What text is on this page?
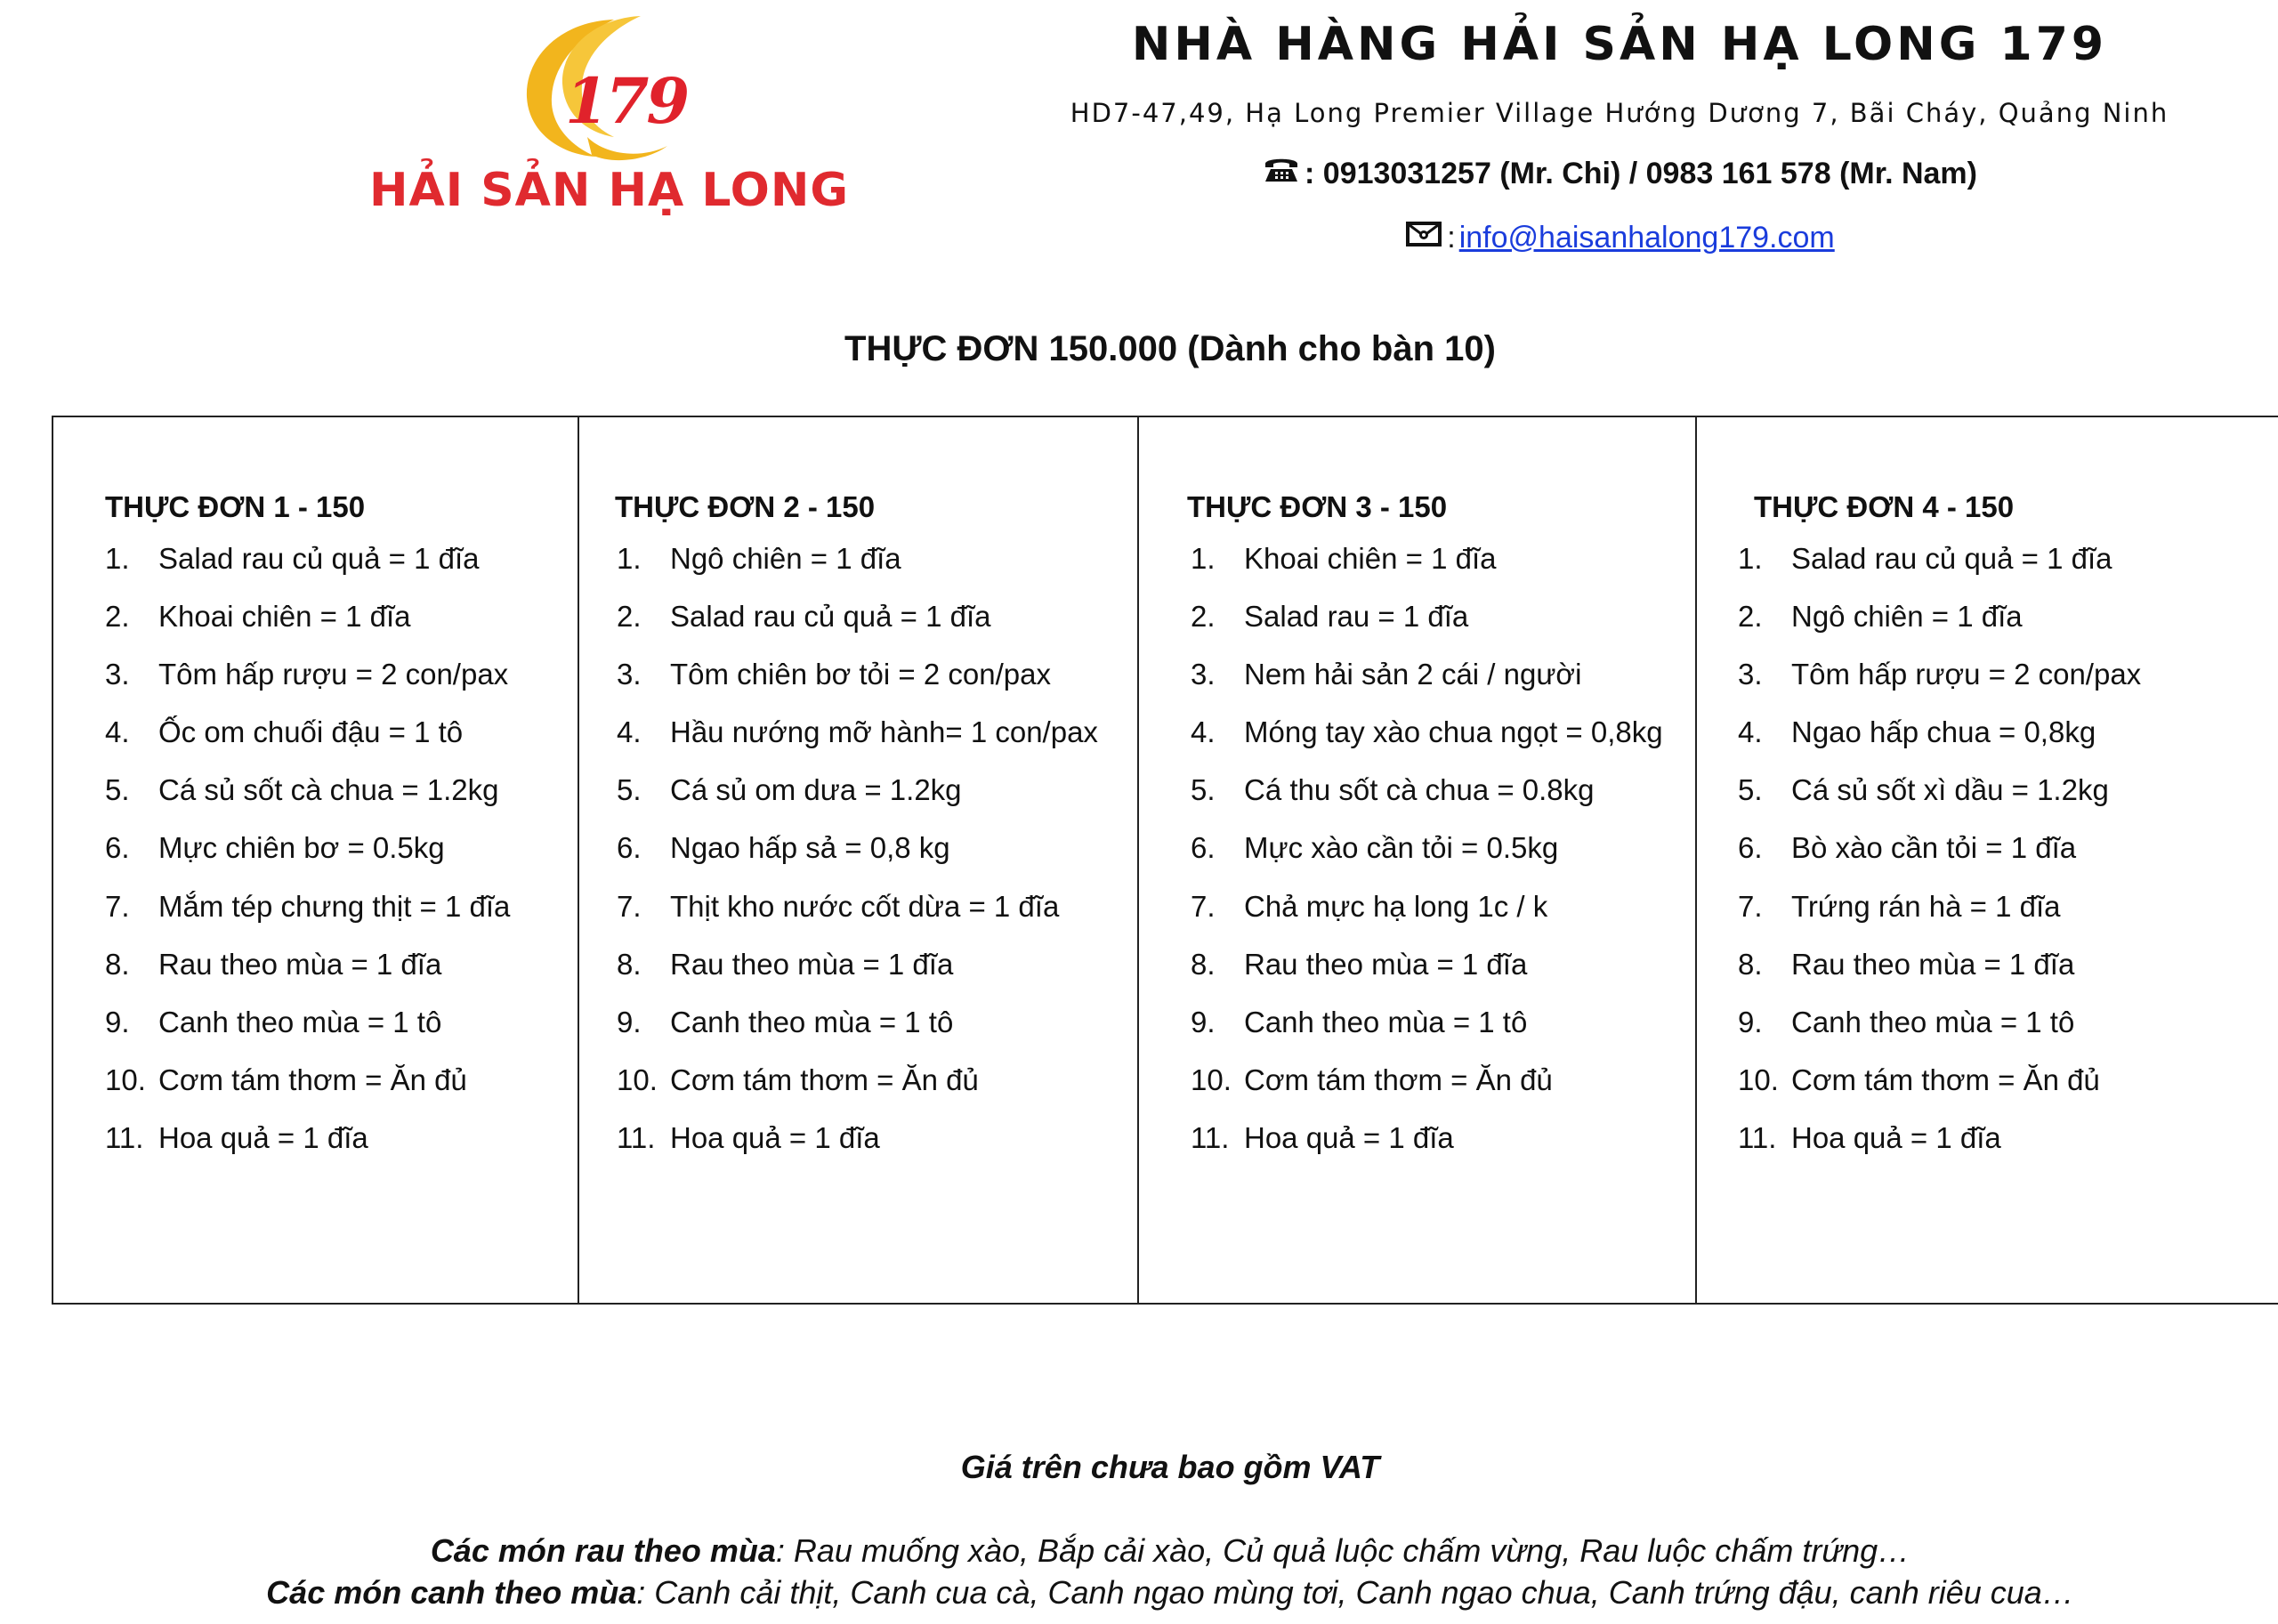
179
HẢI SẢN HẠ LONG
NHÀ HÀNG HẢI SẢN HẠ LONG 179
HD7-47,49, Hạ Long Premier Village Hướng Dương 7, Bãi Cháy, Quảng Ninh
: 0913031257 (Mr. Chi) / 0983 161 578 (Mr. Nam)
: info@haisanhalong179.com
THỰC ĐƠN 150.000 (Dành cho bàn 10)
THỰC ĐƠN 1 - 150
1. Salad rau củ quả = 1 đĩa
2. Khoai chiên = 1 đĩa
3. Tôm hấp rượu = 2 con/pax
4. Ốc om chuối đậu = 1 tô
5. Cá sủ sốt cà chua = 1.2kg
6. Mực chiên bơ = 0.5kg
7. Mắm tép chưng thịt = 1 đĩa
8. Rau theo mùa = 1 đĩa
9. Canh theo mùa = 1 tô
10. Cơm tám thơm = Ăn đủ
11. Hoa quả = 1 đĩa
THỰC ĐƠN 2 - 150
1. Ngô chiên = 1 đĩa
2. Salad rau củ quả = 1 đĩa
3. Tôm chiên bơ tỏi = 2 con/pax
4. Hầu nướng mỡ hành= 1 con/pax
5. Cá sủ om dưa = 1.2kg
6. Ngao hấp sả = 0,8 kg
7. Thịt kho nước cốt dừa = 1 đĩa
8. Rau theo mùa = 1 đĩa
9. Canh theo mùa = 1 tô
10. Cơm tám thơm = Ăn đủ
11. Hoa quả = 1 đĩa
THỰC ĐƠN 3 - 150
1. Khoai chiên = 1 đĩa
2. Salad rau = 1 đĩa
3. Nem hải sản 2 cái / người
4. Móng tay xào chua ngọt = 0,8kg
5. Cá thu sốt cà chua = 0.8kg
6. Mực xào cần tỏi = 0.5kg
7. Chả mực hạ long 1c / k
8. Rau theo mùa = 1 đĩa
9. Canh theo mùa = 1 tô
10. Cơm tám thơm = Ăn đủ
11. Hoa quả = 1 đĩa
THỰC ĐƠN 4 - 150
1. Salad rau củ quả = 1 đĩa
2. Ngô chiên = 1 đĩa
3. Tôm hấp rượu = 2 con/pax
4. Ngao hấp chua = 0,8kg
5. Cá sủ sốt xì dầu = 1.2kg
6. Bò xào cần tỏi = 1 đĩa
7. Trứng rán hà = 1 đĩa
8. Rau theo mùa = 1 đĩa
9. Canh theo mùa = 1 tô
10. Cơm tám thơm = Ăn đủ
11. Hoa quả = 1 đĩa
Giá trên chưa bao gồm VAT
Các món rau theo mùa: Rau muống xào, Bắp cải xào, Củ quả luộc chấm vừng, Rau luộc chấm trứng…
Các món canh theo mùa: Canh cải thịt, Canh cua cà, Canh ngao mùng tơi, Canh ngao chua, Canh trứng đậu, canh riêu cua…
